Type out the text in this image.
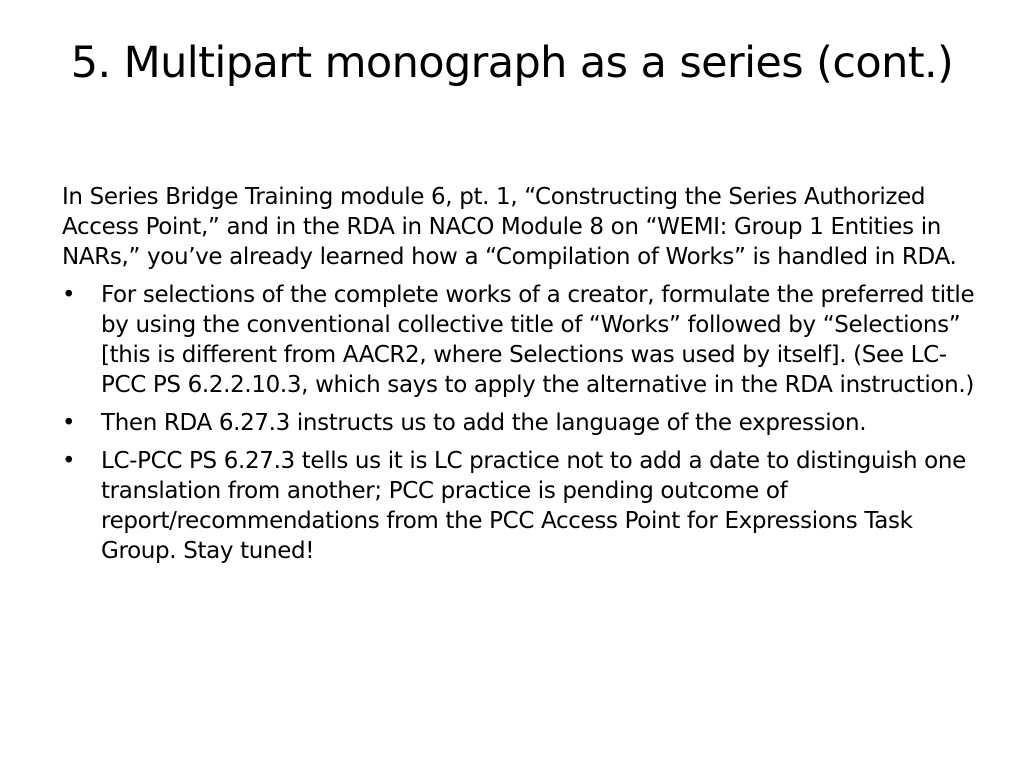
5. Multipart monograph as a series (cont.)

In Series Bridge Training module 6, pt. 1, “Constructing the Series Authorized Access Point,” and in the RDA in NACO Module 8 on “WEMI: Group 1 Entities in NARs,” you’ve already learned how a “Compilation of Works” is handled in RDA.

• For selections of the complete works of a creator, formulate the preferred title by using the conventional collective title of “Works” followed by “Selections” [this is different from AACR2, where Selections was used by itself]. (See LC-PCC PS 6.2.2.10.3, which says to apply the alternative in the RDA instruction.)
• Then RDA 6.27.3 instructs us to add the language of the expression.
• LC-PCC PS 6.27.3 tells us it is LC practice not to add a date to distinguish one translation from another; PCC practice is pending outcome of report/recommendations from the PCC Access Point for Expressions Task Group. Stay tuned!
